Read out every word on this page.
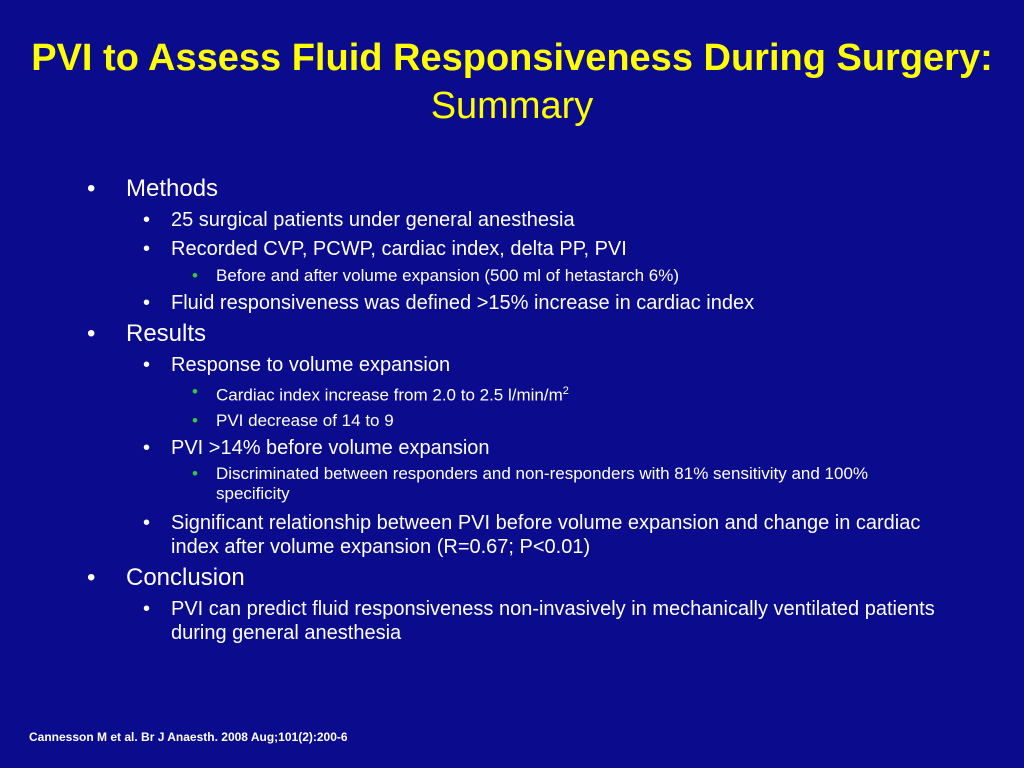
PVI to Assess Fluid Responsiveness During Surgery: Summary

• Methods

• 25 surgical patients under general anesthesia

• Recorded CVP, PCWP, cardiac index, delta PP, PVI

• Before and after volume expansion (500 ml of hetastarch 6%)

• Fluid responsiveness was defined >15% increase in cardiac index

• Results

• Response to volume expansion

• Cardiac index increase from 2.0 to 2.5 $l/\min/m^2$

• PVI decrease of 14 to 9

• PVI >14% before volume expansion

• Discriminated between responders and non-responders with 81% sensitivity and 100% specificity

• Significant relationship between PVI before volume expansion and change in cardiac index after volume expansion (R=0.67; P<0.01)

• Conclusion

• PVI can predict fluid responsiveness non-invasively in mechanically ventilated patients during general anesthesia

Cannesson M et al. Br J Anaesth. 2008 Aug;101(2):200-6
